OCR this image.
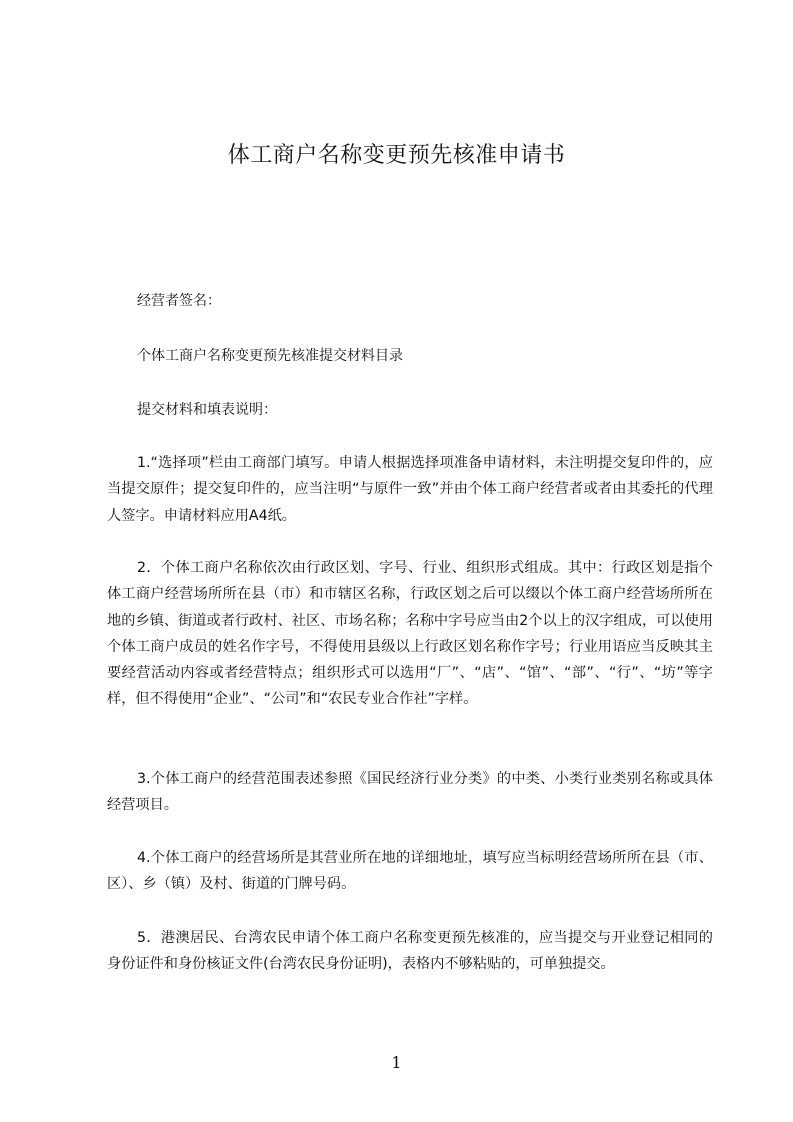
体工商户名称变更预先核准申请书
经营者签名：
个体工商户名称变更预先核准提交材料目录
提交材料和填表说明：

1.“选择项”栏由工商部门填写。申请人根据选择项准备申请材料，未注明提交复印件的，应当提交原件；提交复印件的，应当注明“与原件一致”并由个体工商户经营者或者由其委托的代理人签字。申请材料应用A4纸。

2．个体工商户名称依次由行政区划、字号、行业、组织形式组成。其中：行政区划是指个体工商户经营场所所在县（市）和市辖区名称，行政区划之后可以缀以个体工商户经营场所所在地的乡镇、街道或者行政村、社区、市场名称；名称中字号应当由2个以上的汉字组成，可以使用个体工商户成员的姓名作字号，不得使用县级以上行政区划名称作字号；行业用语应当反映其主要经营活动内容或者经营特点；组织形式可以选用“厂”、“店”、“馆”、“部”、“行”、“坊”等字样，但不得使用“企业”、“公司”和“农民专业合作社”字样。

3.个体工商户的经营范围表述参照《国民经济行业分类》的中类、小类行业类别名称或具体经营项目。

4.个体工商户的经营场所是其营业所在地的详细地址，填写应当标明经营场所所在县（市、区）、乡（镇）及村、街道的门牌号码。

5．港澳居民、台湾农民申请个体工商户名称变更预先核准的，应当提交与开业登记相同的身份证件和身份核证文件(台湾农民身份证明)，表格内不够粘贴的，可单独提交。

1
